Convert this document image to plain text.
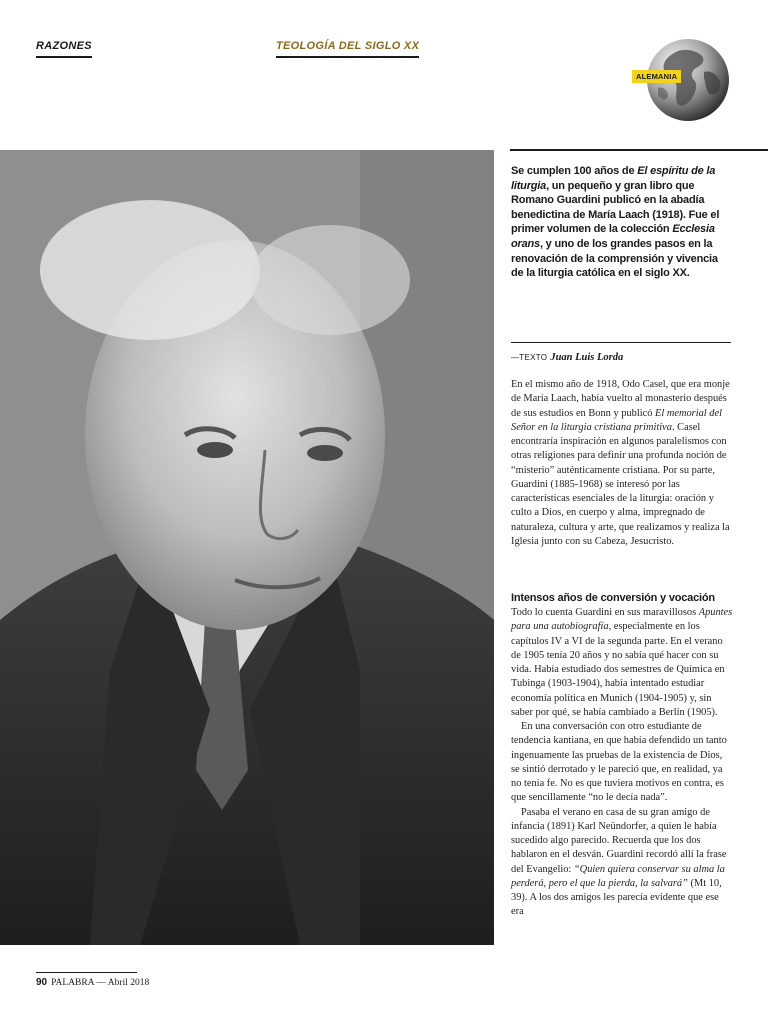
RAZONES	TEOLOGÍA DEL SIGLO XX
ALEMANIA
Se cumplen 100 años de El espíritu de la liturgia, un pequeño y gran libro que Romano Guardini publicó en la abadía benedictina de María Laach (1918). Fue el primer volumen de la colección Ecclesia orans, y uno de los grandes pasos en la renovación de la comprensión y vivencia de la liturgia católica en el siglo XX.
—TEXTO Juan Luis Lorda
En el mismo año de 1918, Odo Casel, que era monje de María Laach, había vuelto al monasterio después de sus estudios en Bonn y publicó El memorial del Señor en la liturgia cristiana primitiva. Casel encontraría inspiración en algunos paralelismos con otras religiones para definir una profunda noción de “misterio” auténticamente cristiana. Por su parte, Guardini (1885-1968) se interesó por las características esenciales de la liturgia: oración y culto a Dios, en cuerpo y alma, impregnado de naturaleza, cultura y arte, que realizamos y realiza la Iglesia junto con su Cabeza, Jesucristo.
Intensos años de conversión y vocación

Todo lo cuenta Guardini en sus maravillosos Apuntes para una autobiografía, especialmente en los capítulos IV a VI de la segunda parte. En el verano de 1905 tenía 20 años y no sabía qué hacer con su vida. Había estudiado dos semestres de Química en Tubinga (1903-1904), había intentado estudiar economía política en Munich (1904-1905) y, sin saber por qué, se había cambiado a Berlín (1905).

En una conversación con otro estudiante de tendencia kantiana, en que había defendido un tanto ingenuamente las pruebas de la existencia de Dios, se sintió derrotado y le pareció que, en realidad, ya no tenía fe. No es que tuviera motivos en contra, es que sencillamente “no le decía nada”.

Pasaba el verano en casa de su gran amigo de infancia (1891) Karl Neündorfer, a quien le había sucedido algo parecido. Recuerda que los dos hablaron en el desván. Guardini recordó allí la frase del Evangelio: “Quien quiera conservar su alma la perderá, pero el que la pierda, la salvará” (Mt 10, 39). A los dos amigos les parecía evidente que ese era

90 PALABRA — Abril 2018
